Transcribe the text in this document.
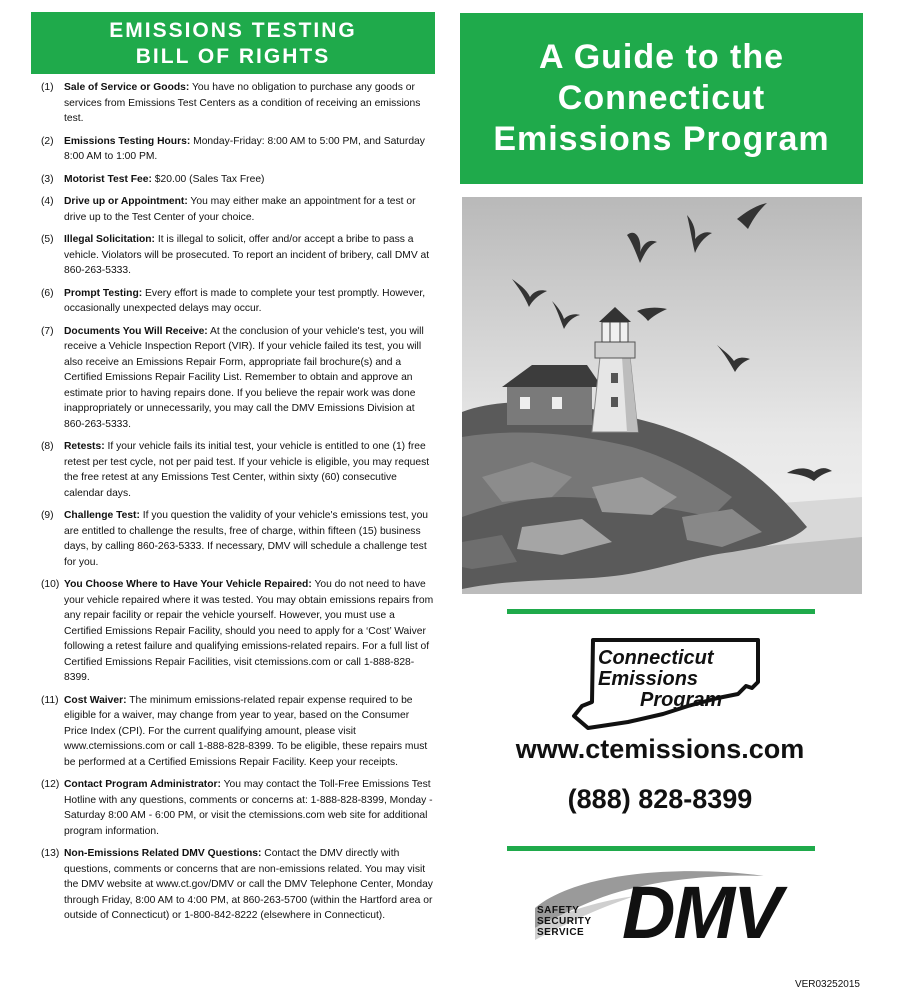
EMISSIONS TESTING
BILL OF RIGHTS
(1) Sale of Service or Goods: You have no obligation to purchase any goods or services from Emissions Test Centers as a condition of receiving an emissions test.
(2) Emissions Testing Hours: Monday-Friday: 8:00 AM to 5:00 PM, and Saturday 8:00 AM to 1:00 PM.
(3) Motorist Test Fee: $20.00 (Sales Tax Free)
(4) Drive up or Appointment: You may either make an appointment for a test or drive up to the Test Center of your choice.
(5) Illegal Solicitation: It is illegal to solicit, offer and/or accept a bribe to pass a vehicle. Violators will be prosecuted. To report an incident of bribery, call DMV at 860-263-5333.
(6) Prompt Testing: Every effort is made to complete your test promptly. However, occasionally unexpected delays may occur.
(7) Documents You Will Receive: At the conclusion of your vehicle's test, you will receive a Vehicle Inspection Report (VIR). If your vehicle failed its test, you will also receive an Emissions Repair Form, appropriate fail brochure(s) and a Certified Emissions Repair Facility List. Remember to obtain and approve an estimate prior to having repairs done. If you believe the repair work was done inappropriately or unnecessarily, you may call the DMV Emissions Division at 860-263-5333.
(8) Retests: If your vehicle fails its initial test, your vehicle is entitled to one (1) free retest per test cycle, not per paid test. If your vehicle is eligible, you may request the free retest at any Emissions Test Center, within sixty (60) consecutive calendar days.
(9) Challenge Test: If you question the validity of your vehicle's emissions test, you are entitled to challenge the results, free of charge, within fifteen (15) business days, by calling 860-263-5333. If necessary, DMV will schedule a challenge test for you.
(10) You Choose Where to Have Your Vehicle Repaired: You do not need to have your vehicle repaired where it was tested. You may obtain emissions repairs from any repair facility or repair the vehicle yourself. However, you must use a Certified Emissions Repair Facility, should you need to apply for a ‘Cost’ Waiver following a retest failure and qualifying emissions-related repairs. For a full list of Certified Emissions Repair Facilities, visit ctemissions.com or call 1-888-828-8399.
(11) Cost Waiver: The minimum emissions-related repair expense required to be eligible for a waiver, may change from year to year, based on the Consumer Price Index (CPI). For the current qualifying amount, please visit www.ctemissions.com or call 1-888-828-8399. To be eligible, these repairs must be performed at a Certified Emissions Repair Facility. Keep your receipts.
(12) Contact Program Administrator: You may contact the Toll-Free Emissions Test Hotline with any questions, comments or concerns at: 1-888-828-8399, Monday - Saturday 8:00 AM - 6:00 PM, or visit the ctemissions.com web site for additional program information.
(13) Non-Emissions Related DMV Questions: Contact the DMV directly with questions, comments or concerns that are non-emissions related. You may visit the DMV website at www.ct.gov/DMV or call the DMV Telephone Center, Monday through Friday, 8:00 AM to 4:00 PM, at 860-263-5700 (within the Hartford area or outside of Connecticut) or 1-800-842-8222 (elsewhere in Connecticut).
A Guide to the
Connecticut
Emissions Program
Connecticut
Emissions
Program
www.ctemissions.com
(888) 828-8399
SAFETY
SECURITY
SERVICE DMV
VER03252015
